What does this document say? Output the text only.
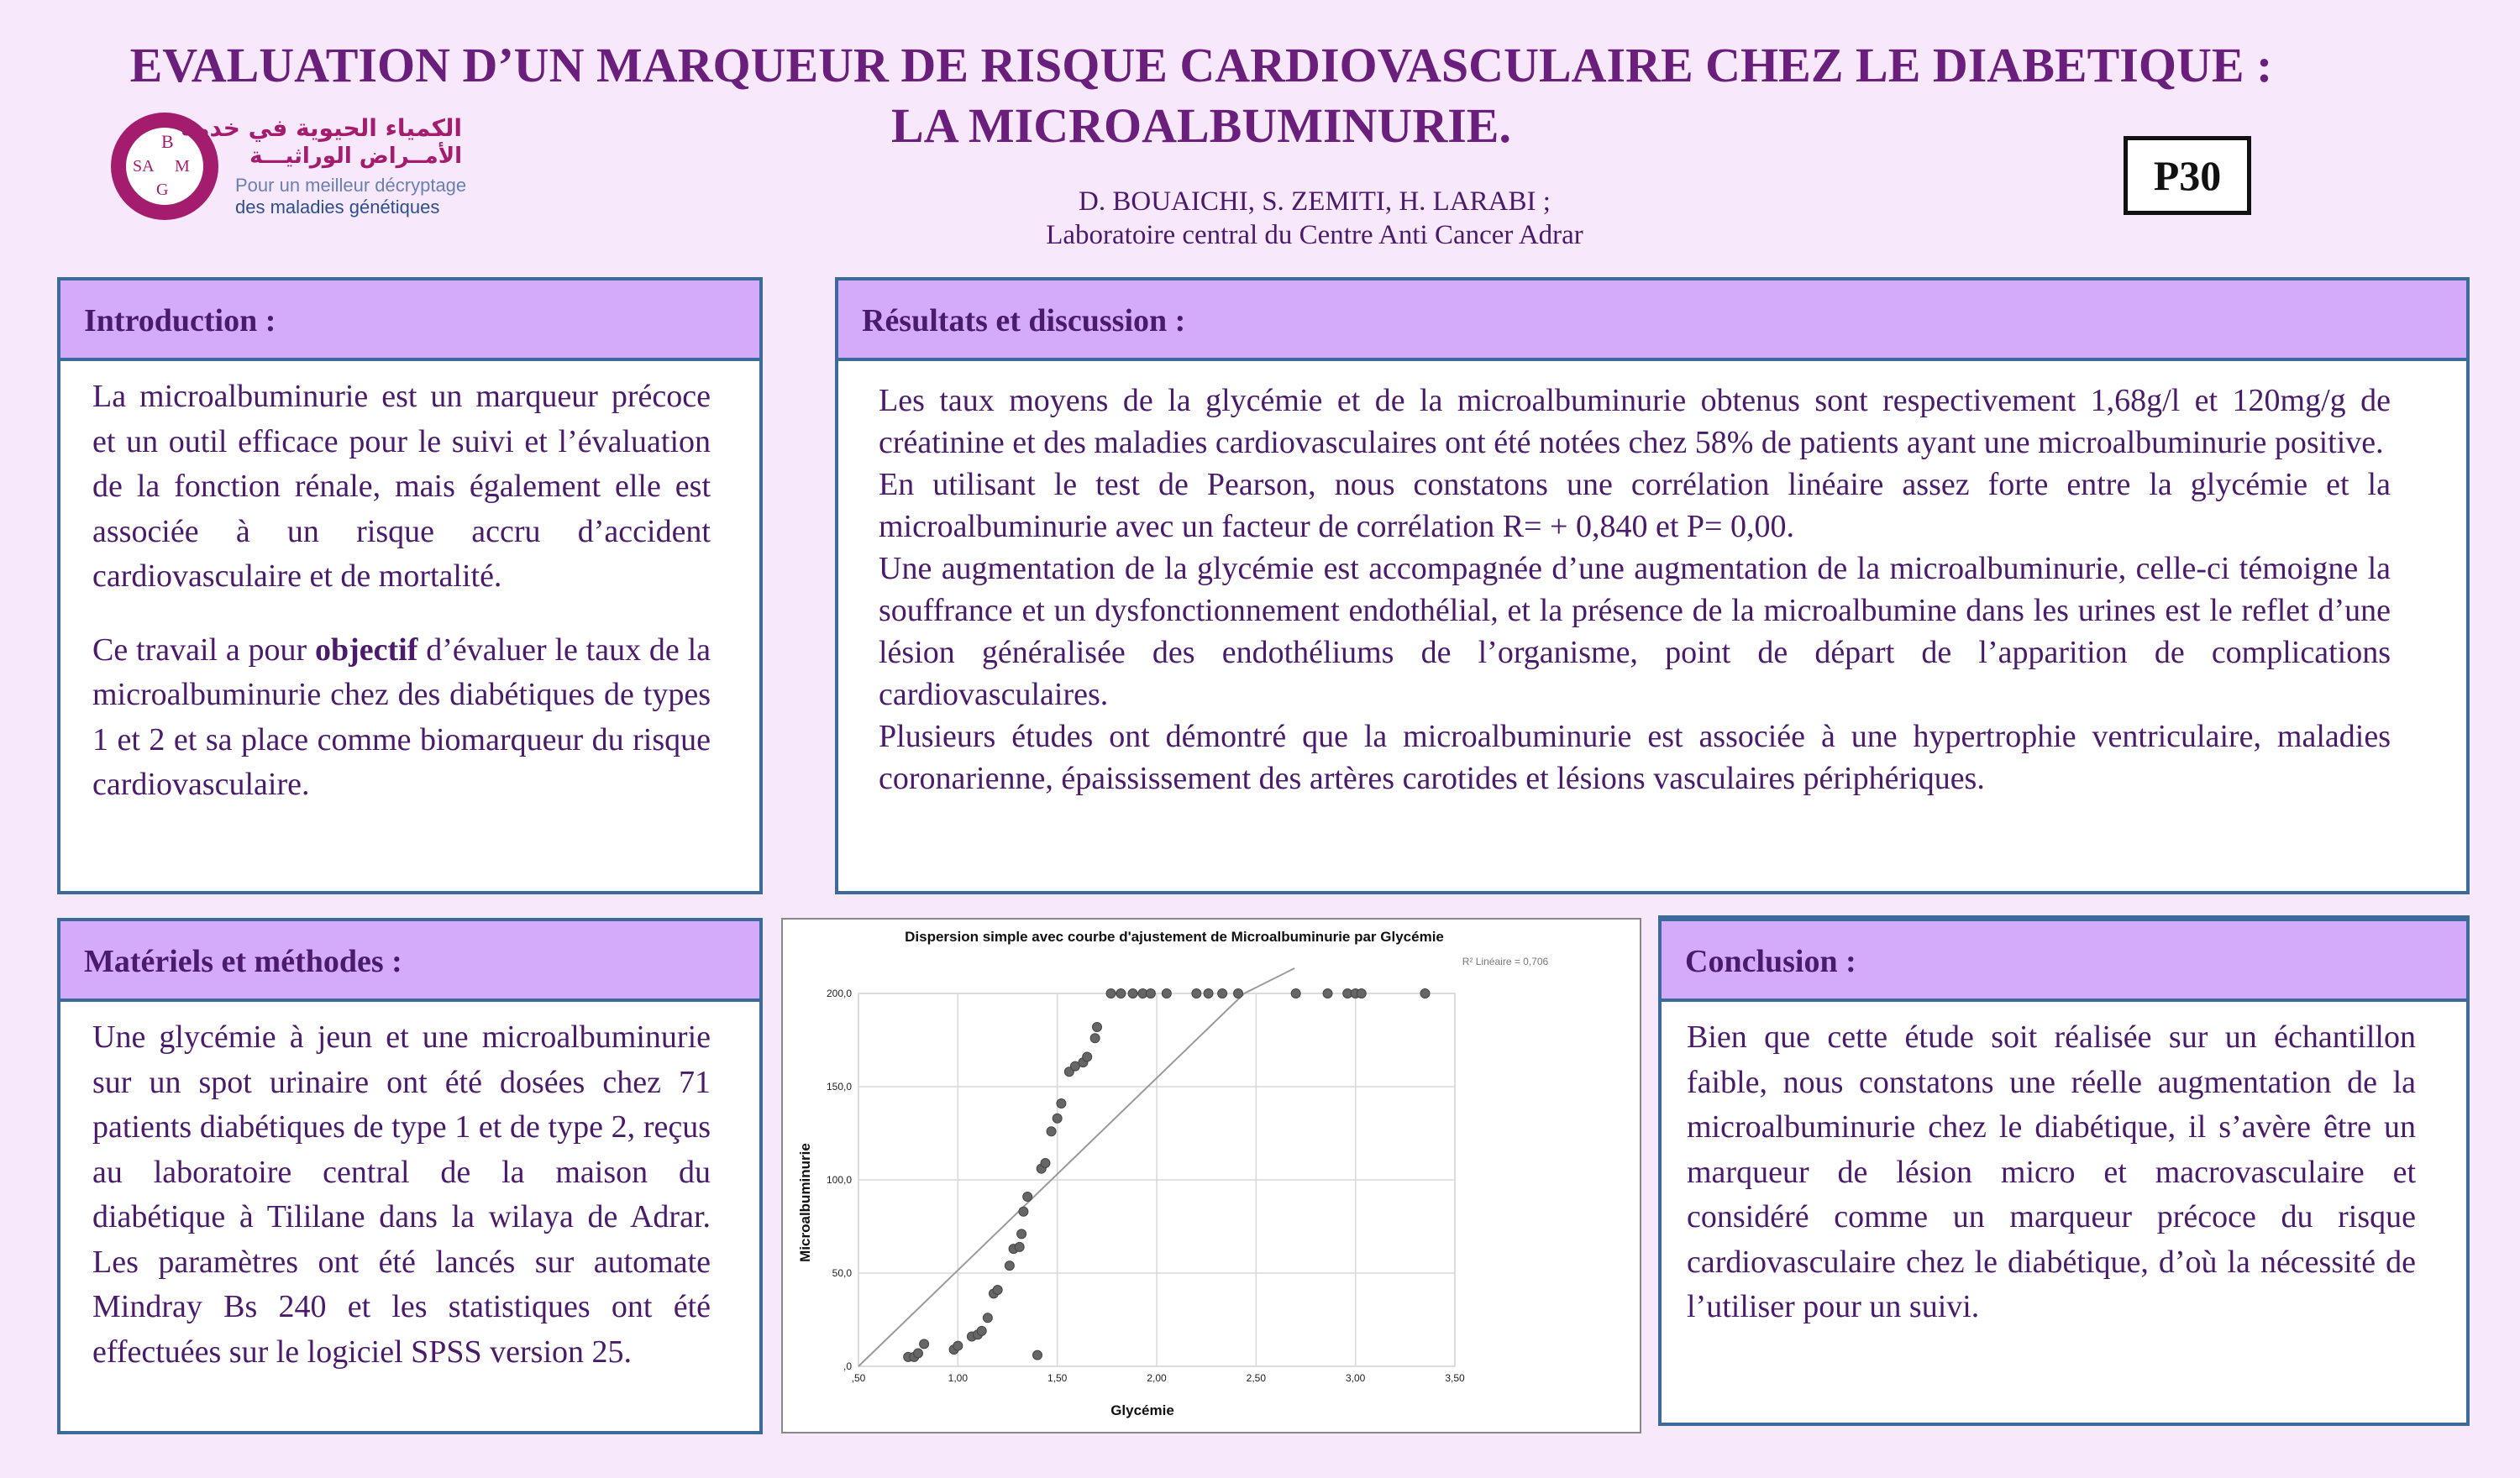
EVALUATION D’UN MARQUEUR DE RISQUE CARDIOVASCULAIRE CHEZ LE DIABETIQUE :
LA MICROALBUMINURIE.
B
SA M
G
الكمياء الحيوية في خدمة
الأمــراض الوراثيـــة
Pour un meilleur décryptage
des maladies génétiques	D. BOUAICHI, S. ZEMITI, H. LARABI ;
Laboratoire central du Centre Anti Cancer Adrar
P30
Introduction :

La microalbuminurie est un marqueur précoce et un outil efficace pour le suivi et l’évaluation de la fonction rénale, mais également elle est associée à un risque accru d’accident cardiovasculaire et de mortalité.

Ce travail a pour objectif d’évaluer le taux de la microalbuminurie chez des diabétiques de types 1 et 2 et sa place comme biomarqueur du risque cardiovasculaire.

Résultats et discussion :

Les taux moyens de la glycémie et de la microalbuminurie obtenus sont respectivement 1,68g/l et 120mg/g de créatinine et des maladies cardiovasculaires ont été notées chez 58% de patients ayant une microalbuminurie positive.

En utilisant le test de Pearson, nous constatons une corrélation linéaire assez forte entre la glycémie et la microalbuminurie avec un facteur de corrélation R= + 0,840 et P= 0,00.

Une augmentation de la glycémie est accompagnée d’une augmentation de la microalbuminurie, celle-ci témoigne la souffrance et un dysfonctionnement endothélial, et la présence de la microalbumine dans les urines est le reflet d’une lésion généralisée des endothéliums de l’organisme, point de départ de l’apparition de complications cardiovasculaires.

Plusieurs études ont démontré que la microalbuminurie est associée à une hypertrophie ventriculaire, maladies coronarienne, épaississement des artères carotides et lésions vasculaires périphériques.

Matériels et méthodes :

Une glycémie à jeun et une microalbuminurie sur un spot urinaire ont été dosées chez 71 patients diabétiques de type 1 et de type 2, reçus au laboratoire central de la maison du diabétique à Tililane dans la wilaya de Adrar. Les paramètres ont été lancés sur automate Mindray Bs 240 et les statistiques ont été effectuées sur le logiciel SPSS version 25.

Dispersion simple avec courbe d'ajustement de Microalbuminurie par Glycémie
R² Linéaire = 0,706
Glycémie
Microalbuminurie
,50	1,00	1,50	2,00	2,50	3,00	3,50
,0
50,0
100,0
150,0
200,0
Conclusion :

Bien que cette étude soit réalisée sur un échantillon faible, nous constatons une réelle augmentation de la microalbuminurie chez le diabétique, il s’avère être un marqueur de lésion micro et macrovasculaire et considéré comme un marqueur précoce du risque cardiovasculaire chez le diabétique, d’où la nécessité de l’utiliser pour un suivi.
